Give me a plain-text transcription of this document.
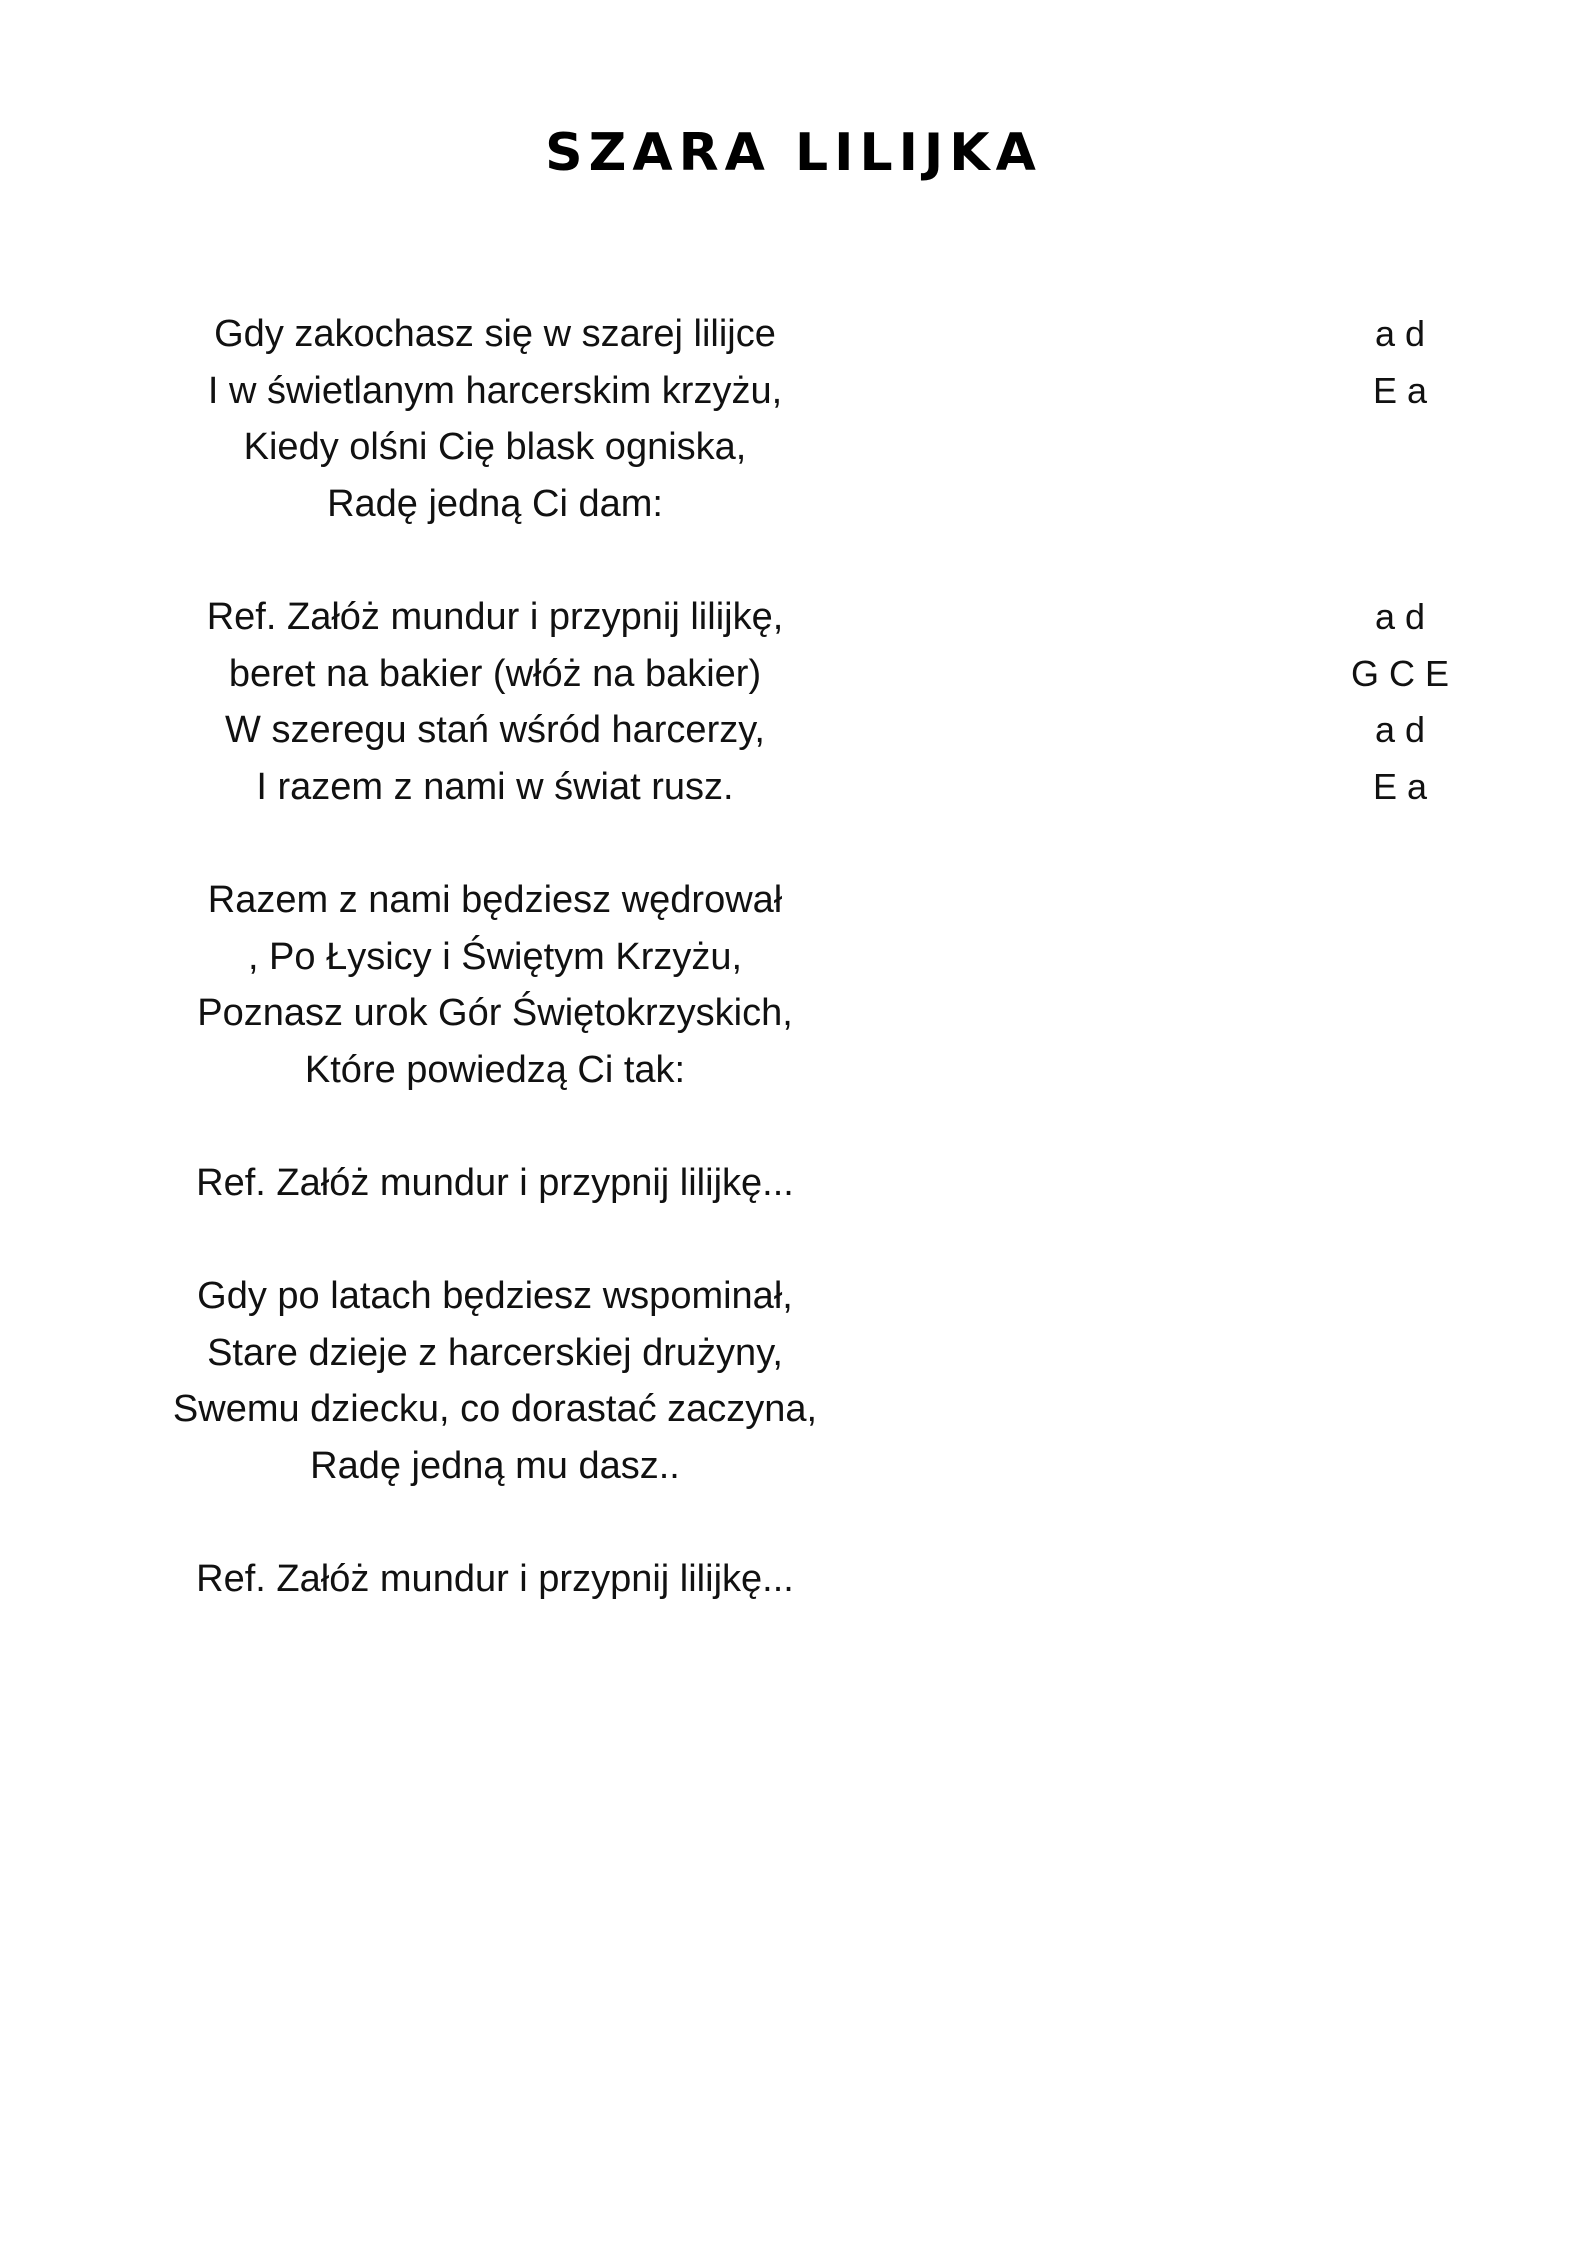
SZARA LILIJKA
Gdy zakochasz się w szarej lilijce
I w świetlanym harcerskim krzyżu,
Kiedy olśni Cię blask ogniska,
Radę jedną Ci dam:
Ref. Załóż mundur i przypnij lilijkę,
beret na bakier (włóż na bakier)
W szeregu stań wśród harcerzy,
I razem z nami w świat rusz.
Razem z nami będziesz wędrował
, Po Łysicy i Świętym Krzyżu,
Poznasz urok Gór Świętokrzyskich,
Które powiedzą Ci tak:
Ref. Załóż mundur i przypnij lilijkę...
Gdy po latach będziesz wspominał,
Stare dzieje z harcerskiej drużyny,
Swemu dziecku, co dorastać zaczyna,
Radę jedną mu dasz..
Ref. Załóż mundur i przypnij lilijkę...
a d
E a
a d
G C E
a d
E a
